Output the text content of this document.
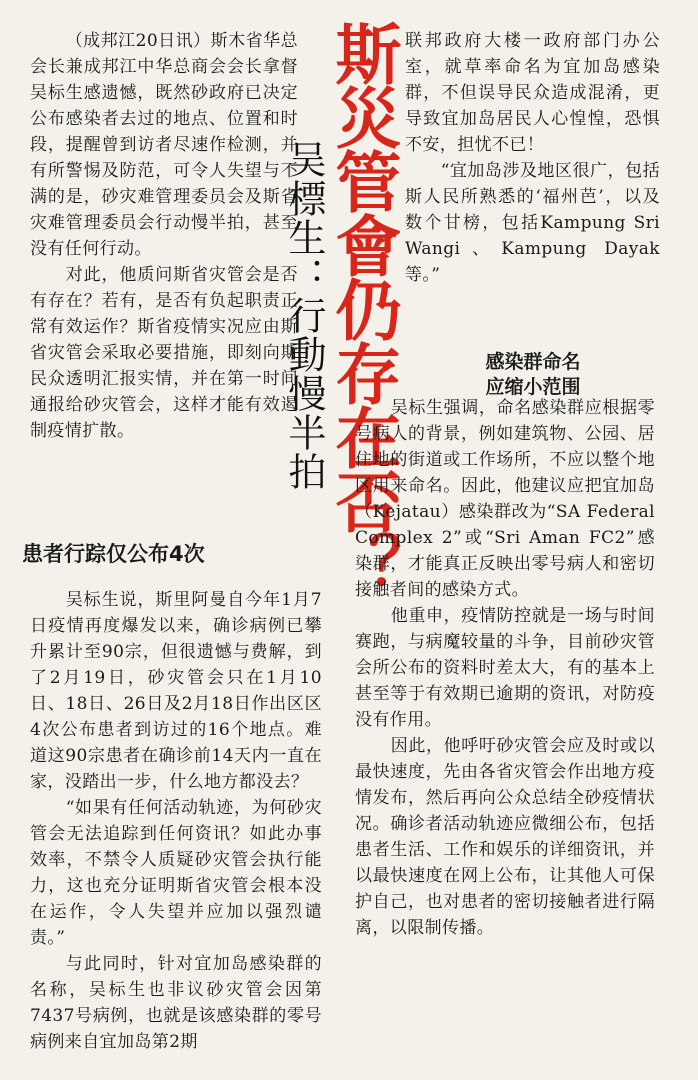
（成邦江20日讯）斯木省华总会长兼成邦江中华总商会会长拿督吴标生感遗憾，既然砂政府已决定公布感染者去过的地点、位置和时段，提醒曾到访者尽速作检测，并有所警惕及防范，可令人失望与不满的是，砂灾难管理委员会及斯省灾难管理委员会行动慢半拍，甚至没有任何行动。

对此，他质问斯省灾管会是否有存在？若有，是否有负起职责正常有效运作？斯省疫情实况应由斯省灾管会采取必要措施，即刻向斯民众透明汇报实情，并在第一时间通报给砂灾管会，这样才能有效遏制疫情扩散。

患者行踪仅公布4次

吴标生说，斯里阿曼自今年1月7日疫情再度爆发以来，确诊病例已攀升累计至90宗，但很遗憾与费解，到了2月19日，砂灾管会只在1月10日、18日、26日及2月18日作出区区4次公布患者到访过的16个地点。难道这90宗患者在确诊前14天内一直在家，没踏出一步，什么地方都没去？

“如果有任何活动轨迹，为何砂灾管会无法追踪到任何资讯？如此办事效率，不禁令人质疑砂灾管会执行能力，这也充分证明斯省灾管会根本没在运作，令人失望并应加以强烈谴责。”

与此同时，针对宜加岛感染群的名称，吴标生也非议砂灾管会因第7437号病例，也就是该感染群的零号病例来自宜加岛第2期

吴標生：行動慢半拍
斯災管會仍存在否？ 联邦政府大楼一政府部门办公室，就草率命名为宜加岛感染群，不但误导民众造成混淆，更导致宜加岛居民人心惶惶，恐惧不安，担忧不已！

“宜加岛涉及地区很广，包括斯人民所熟悉的‘福州芭’，以及数个甘榜，包括Kampung Sri Wangi、Kampung Dayak等。”

感染群命名
应缩小范围

吴标生强调，命名感染群应根据零号病人的背景，例如建筑物、公园、居住地的街道或工作场所，不应以整个地区用来命名。因此，他建议应把宜加岛（Kejatau）感染群改为“SA Federal Complex 2”或“Sri Aman FC2”感染群，才能真正反映出零号病人和密切接触者间的感染方式。

他重申，疫情防控就是一场与时间赛跑，与病魔较量的斗争，目前砂灾管会所公布的资料时差太大，有的基本上甚至等于有效期已逾期的资讯，对防疫没有作用。

因此，他呼吁砂灾管会应及时或以最快速度，先由各省灾管会作出地方疫情发布，然后再向公众总结全砂疫情状况。确诊者活动轨迹应微细公布，包括患者生活、工作和娱乐的详细资讯，并以最快速度在网上公布，让其他人可保护自己，也对患者的密切接触者进行隔离，以限制传播。
